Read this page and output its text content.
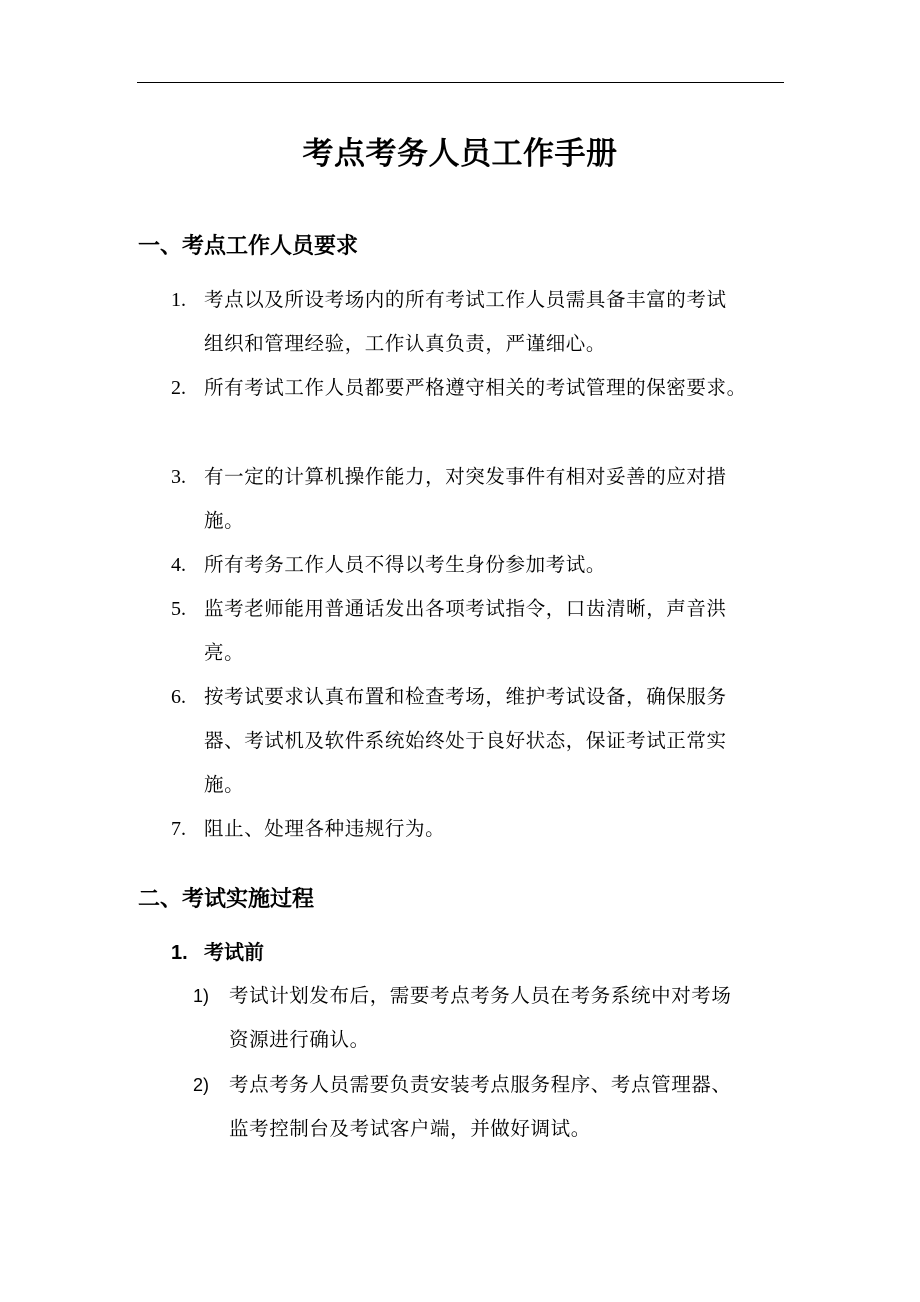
考点考务人员工作手册
一、考点工作人员要求
1. 考点以及所设考场内的所有考试工作人员需具备丰富的考试
组织和管理经验，工作认真负责，严谨细心。
2. 所有考试工作人员都要严格遵守相关的考试管理的保密要求。
3. 有一定的计算机操作能力，对突发事件有相对妥善的应对措
施。
4. 所有考务工作人员不得以考生身份参加考试。
5. 监考老师能用普通话发出各项考试指令，口齿清晰，声音洪
亮。
6. 按考试要求认真布置和检查考场，维护考试设备，确保服务
器、考试机及软件系统始终处于良好状态，保证考试正常实
施。
7. 阻止、处理各种违规行为。
二、考试实施过程
1. 考试前
1) 考试计划发布后，需要考点考务人员在考务系统中对考场
资源进行确认。
2) 考点考务人员需要负责安装考点服务程序、考点管理器、
监考控制台及考试客户端，并做好调试。
